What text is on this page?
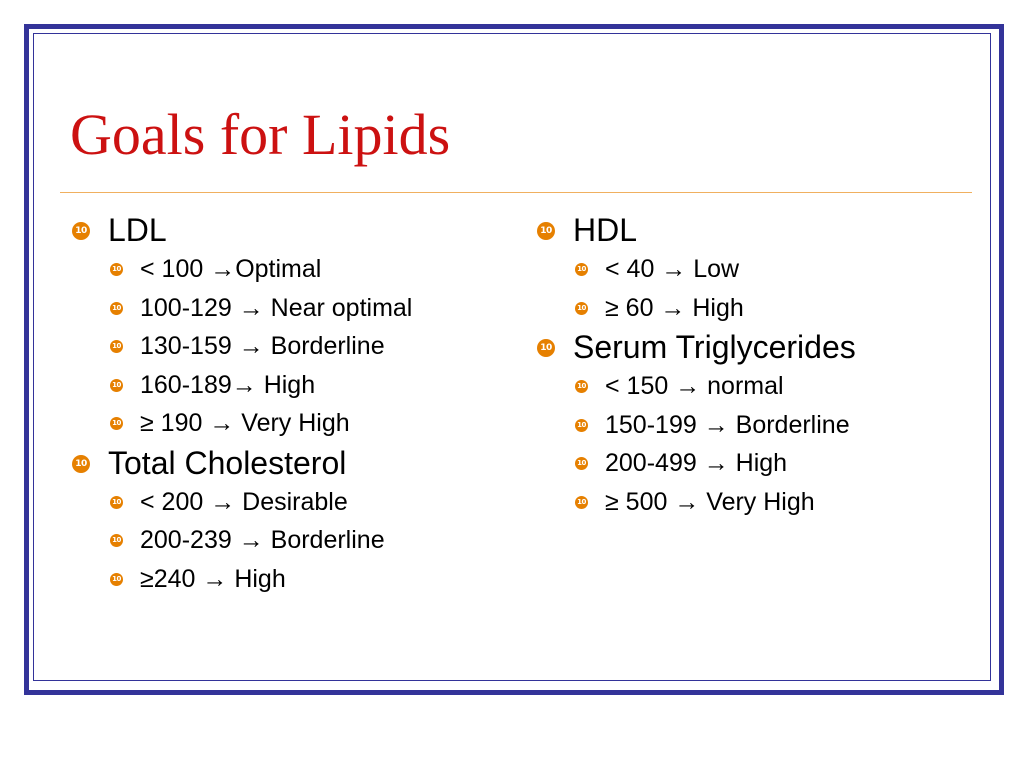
Goals for Lipids
10 LDL
10 < 100 →Optimal
10 100-129 → Near optimal
10 130-159 → Borderline
10 160-189→ High
10 ≥ 190 → Very High
10 Total Cholesterol
10 < 200 → Desirable
10 200-239 → Borderline
10 ≥240 → High
10 HDL
10 < 40 → Low
10 ≥ 60 → High
10 Serum Triglycerides
10 < 150 → normal
10 150-199 → Borderline
10 200-499 → High
10 ≥ 500 → Very High
